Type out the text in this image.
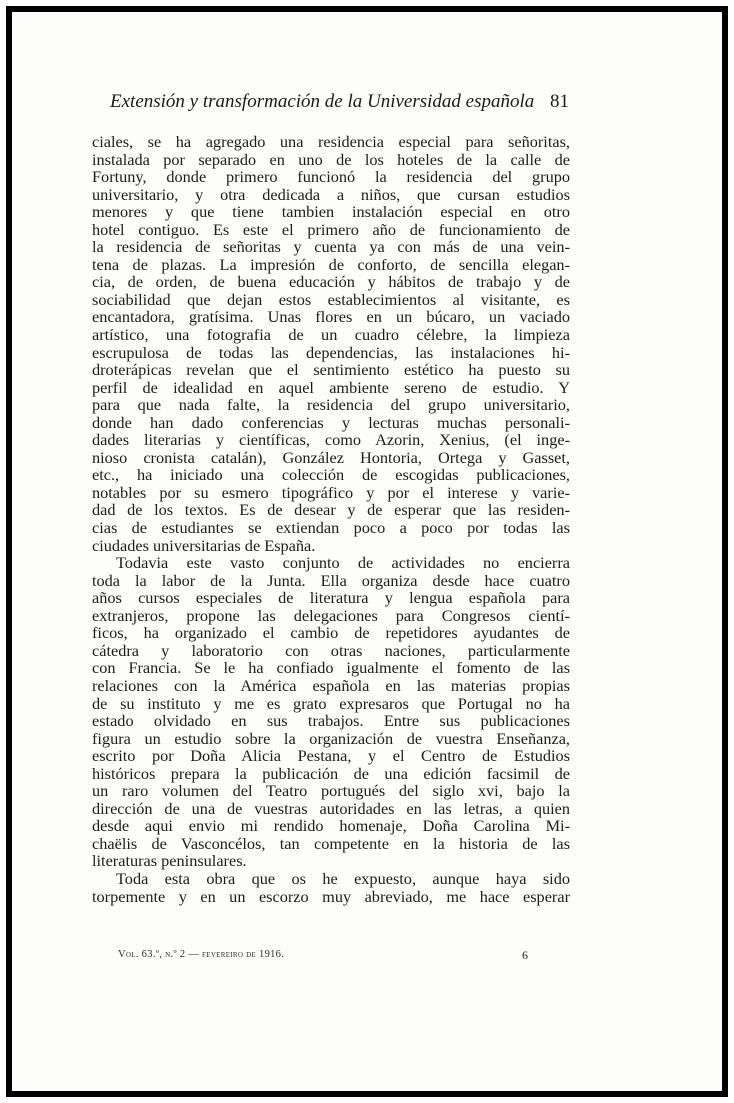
Extensión y transformación de la Universidad española 81
ciales, se ha agregado una residencia especial para señoritas,
instalada por separado en uno de los hoteles de la calle de
Fortuny, donde primero funcionó la residencia del grupo
universitario, y otra dedicada a niños, que cursan estudios
menores y que tiene tambien instalación especial en otro
hotel contiguo. Es este el primero año de funcionamiento de
la residencia de señoritas y cuenta ya con más de una vein-
tena de plazas. La impresión de conforto, de sencilla elegan-
cia, de orden, de buena educación y hábitos de trabajo y de
sociabilidad que dejan estos establecimientos al visitante, es
encantadora, gratísima. Unas flores en un búcaro, un vaciado
artístico, una fotografia de un cuadro célebre, la limpieza
escrupulosa de todas las dependencias, las instalaciones hi-
droterápicas revelan que el sentimiento estético ha puesto su
perfil de idealidad en aquel ambiente sereno de estudio. Y
para que nada falte, la residencia del grupo universitario,
donde han dado conferencias y lecturas muchas personali-
dades literarias y científicas, como Azorin, Xenius, (el inge-
nioso cronista catalán), González Hontoria, Ortega y Gasset,
etc., ha iniciado una colección de escogidas publicaciones,
notables por su esmero tipográfico y por el interese y varie-
dad de los textos. Es de desear y de esperar que las residen-
cias de estudiantes se extiendan poco a poco por todas las
ciudades universitarias de España.
Todavia este vasto conjunto de actividades no encierra
toda la labor de la Junta. Ella organiza desde hace cuatro
años cursos especiales de literatura y lengua española para
extranjeros, propone las delegaciones para Congresos cientí-
ficos, ha organizado el cambio de repetidores ayudantes de
cátedra y laboratorio con otras naciones, particularmente
con Francia. Se le ha confiado igualmente el fomento de las
relaciones con la América española en las materias propias
de su instituto y me es grato expresaros que Portugal no ha
estado olvidado en sus trabajos. Entre sus publicaciones
figura un estudio sobre la organización de vuestra Enseñanza,
escrito por Doña Alicia Pestana, y el Centro de Estudios
históricos prepara la publicación de una edición facsimil de
un raro volumen del Teatro portugués del siglo xvi, bajo la
dirección de una de vuestras autoridades en las letras, a quien
desde aqui envio mi rendido homenaje, Doña Carolina Mi-
chaëlis de Vasconcélos, tan competente en la historia de las
literaturas peninsulares.
Toda esta obra que os he expuesto, aunque haya sido
torpemente y en un escorzo muy abreviado, me hace esperar
Vol. 63.º, n.º 2 — fevereiro de 1916.	6
